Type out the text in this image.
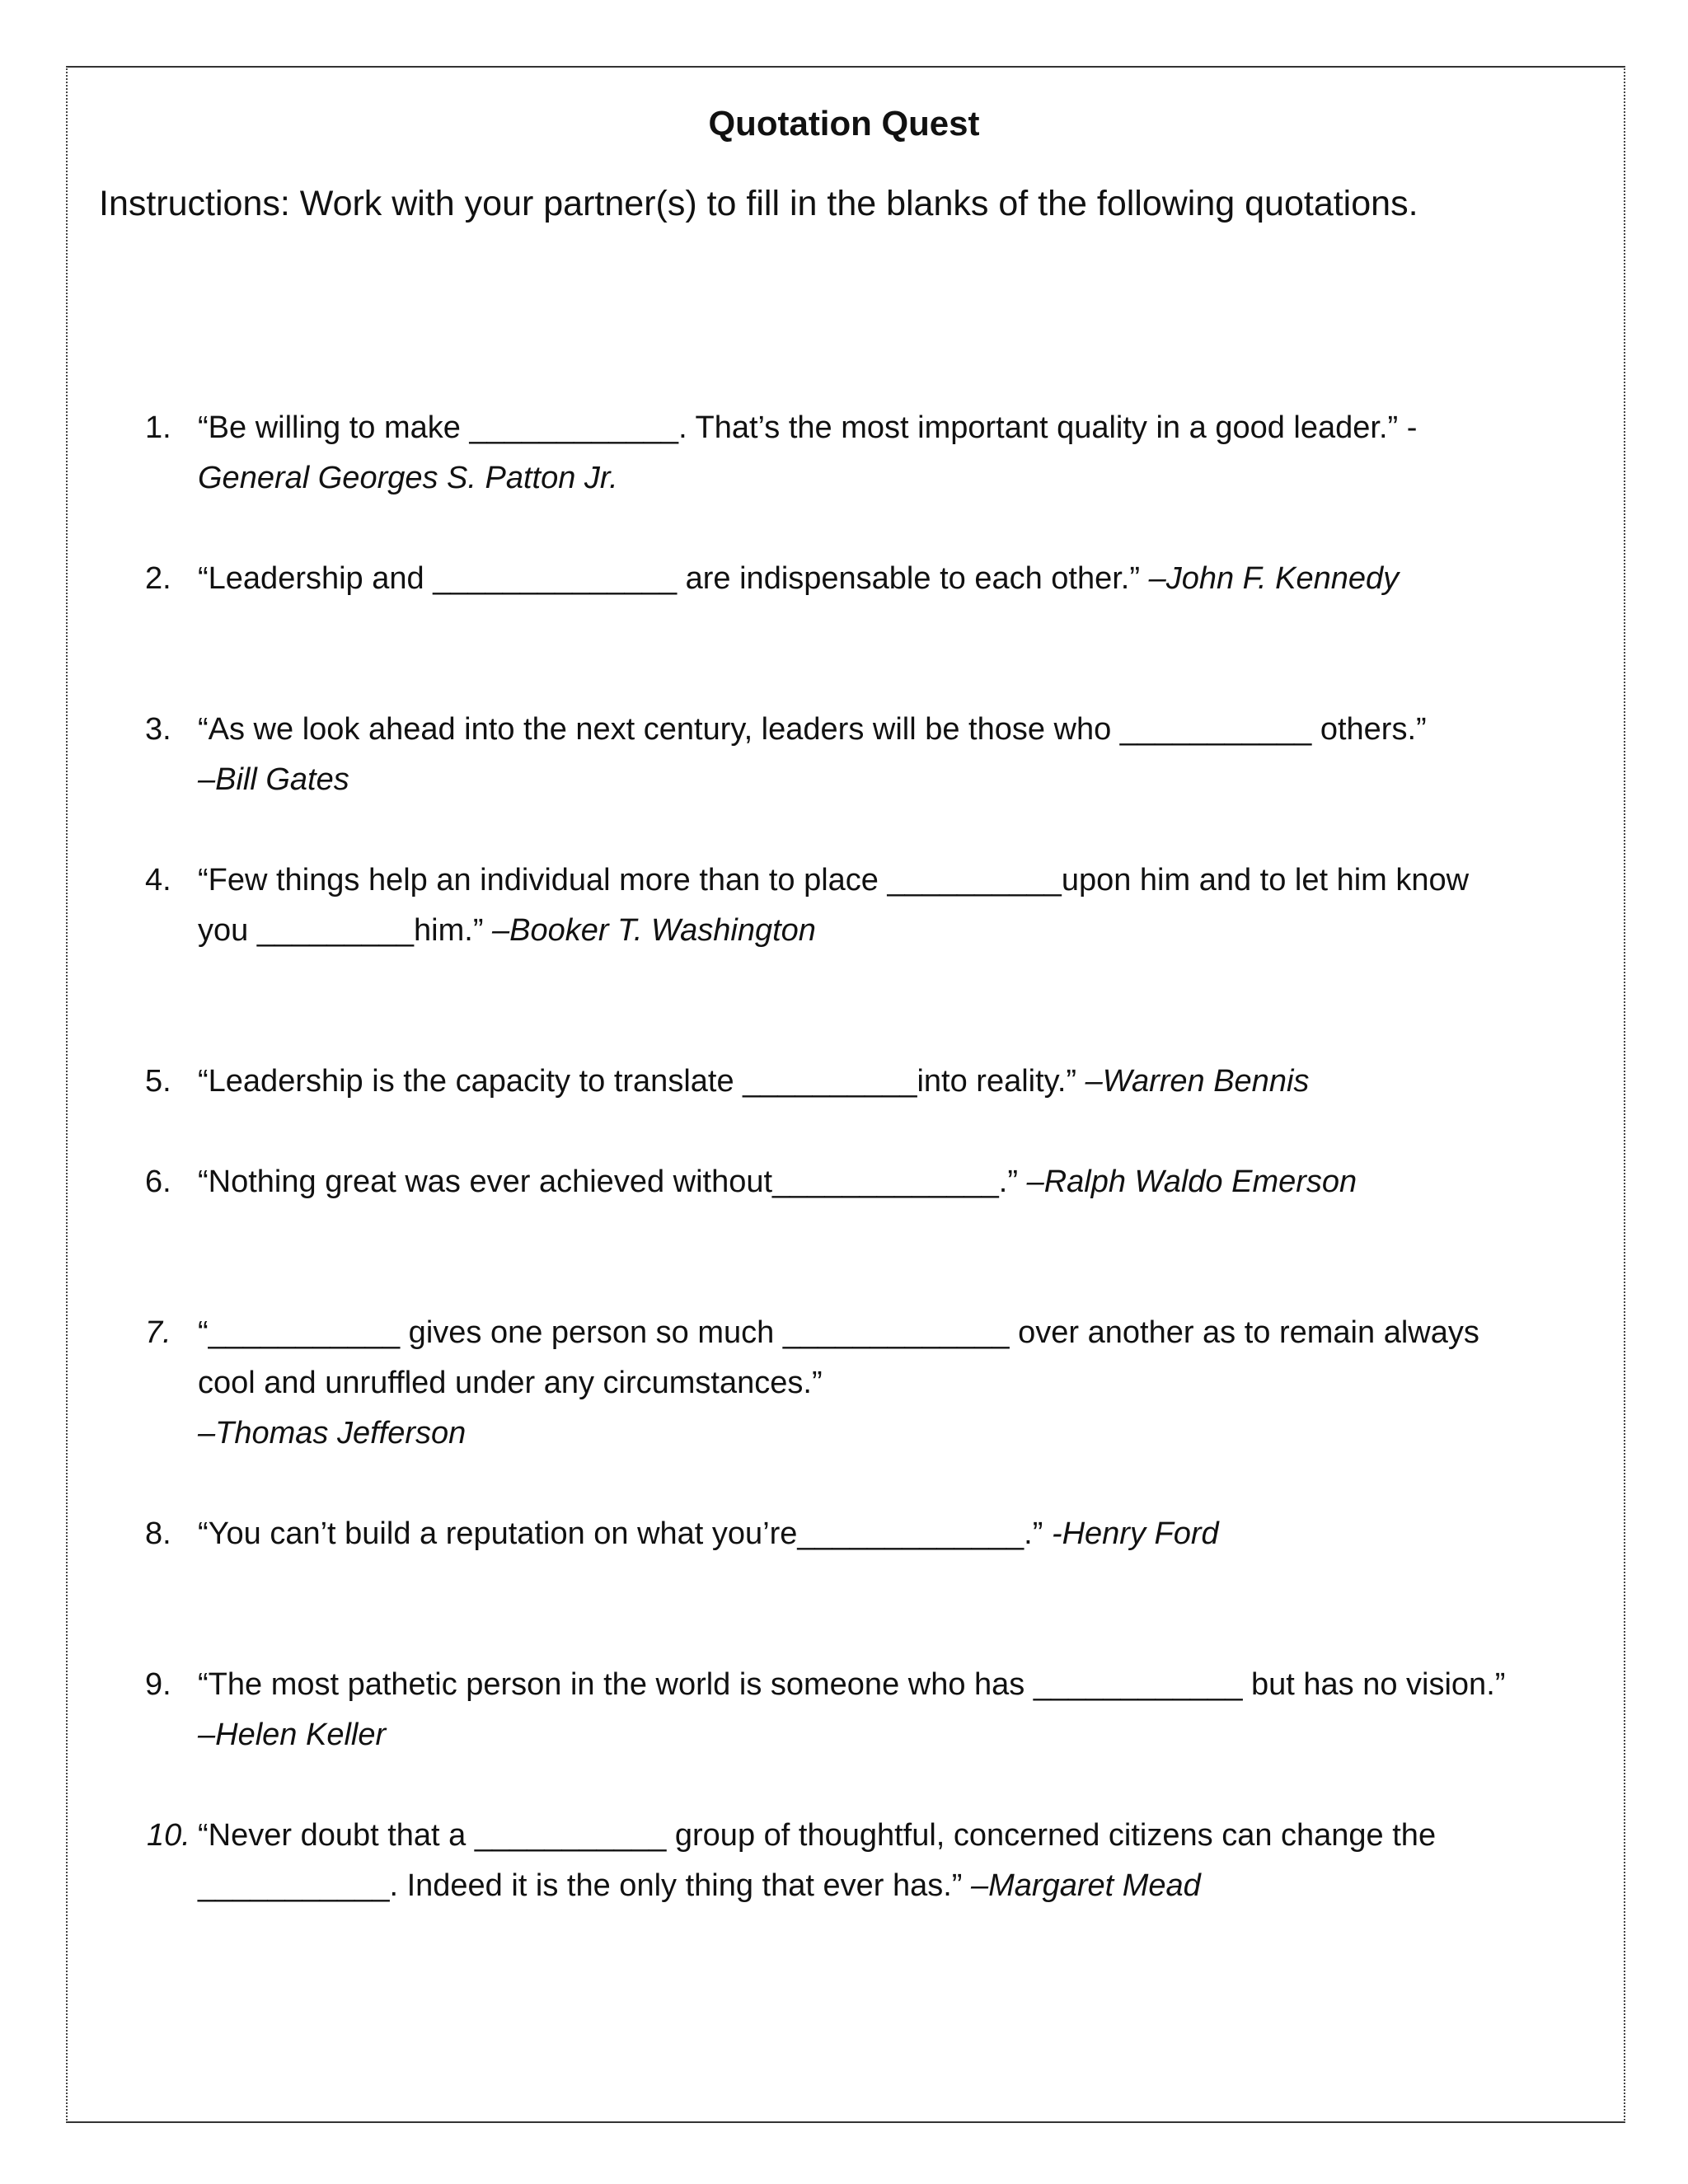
Quotation Quest
Instructions: Work with your partner(s) to fill in the blanks of the following quotations.
1. “Be willing to make ____________. That’s the most important quality in a good leader.” -
General Georges S. Patton Jr.
2. “Leadership and ______________ are indispensable to each other.” –John F. Kennedy
3. “As we look ahead into the next century, leaders will be those who ___________ others.”
–Bill Gates
4. “Few things help an individual more than to place __________upon him and to let him know
you _________him.” –Booker T. Washington
5. “Leadership is the capacity to translate __________into reality.” –Warren Bennis
6. “Nothing great was ever achieved without_____________.” –Ralph Waldo Emerson
7. “___________ gives one person so much _____________ over another as to remain always
cool and unruffled under any circumstances.”
–Thomas Jefferson
8. “You can’t build a reputation on what you’re_____________.” -Henry Ford
9. “The most pathetic person in the world is someone who has ____________ but has no vision.”
–Helen Keller
10. “Never doubt that a ___________ group of thoughtful, concerned citizens can change the
___________. Indeed it is the only thing that ever has.” –Margaret Mead
